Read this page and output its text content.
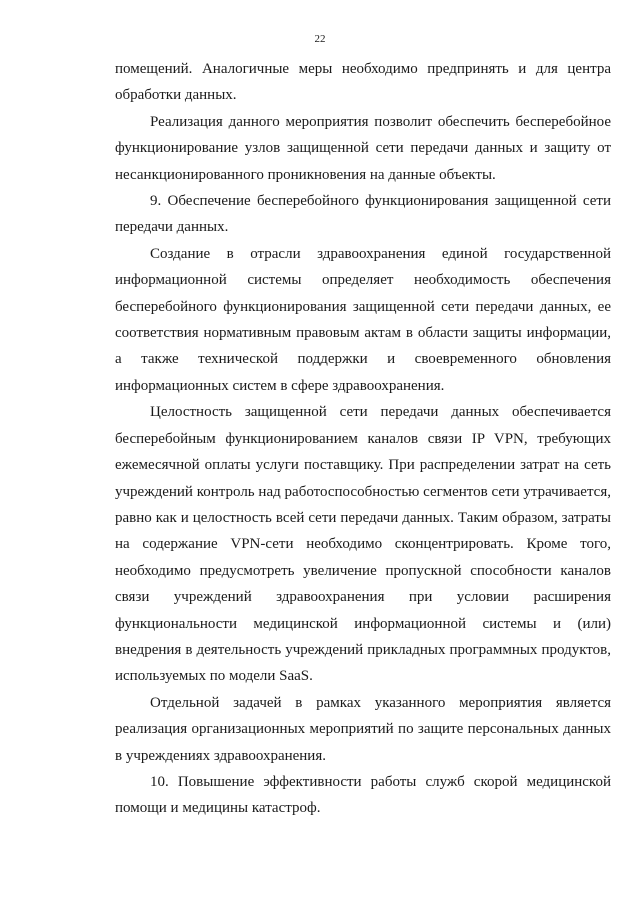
22

помещений. Аналогичные меры необходимо предпринять и для центра обработки данных.

Реализация данного мероприятия позволит обеспечить бесперебойное функционирование узлов защищенной сети передачи данных и защиту от несанкционированного проникновения на данные объекты.

9. Обеспечение бесперебойного функционирования защищенной сети передачи данных.

Создание в отрасли здравоохранения единой государственной информационной системы определяет необходимость обеспечения бесперебойного функционирования защищенной сети передачи данных, ее соответствия нормативным правовым актам в области защиты информации, а также технической поддержки и своевременного обновления информационных систем в сфере здравоохранения.

Целостность защищенной сети передачи данных обеспечивается бесперебойным функционированием каналов связи IP VPN, требующих ежемесячной оплаты услуги поставщику. При распределении затрат на сеть учреждений контроль над работоспособностью сегментов сети утрачивается, равно как и целостность всей сети передачи данных. Таким образом, затраты на содержание VPN-сети необходимо сконцентрировать. Кроме того, необходимо предусмотреть увеличение пропускной способности каналов связи учреждений здравоохранения при условии расширения функциональности медицинской информационной системы и (или) внедрения в деятельность учреждений прикладных программных продуктов, используемых по модели SaaS.

Отдельной задачей в рамках указанного мероприятия является реализация организационных мероприятий по защите персональных данных в учреждениях здравоохранения.

10. Повышение эффективности работы служб скорой медицинской помощи и медицины катастроф.
